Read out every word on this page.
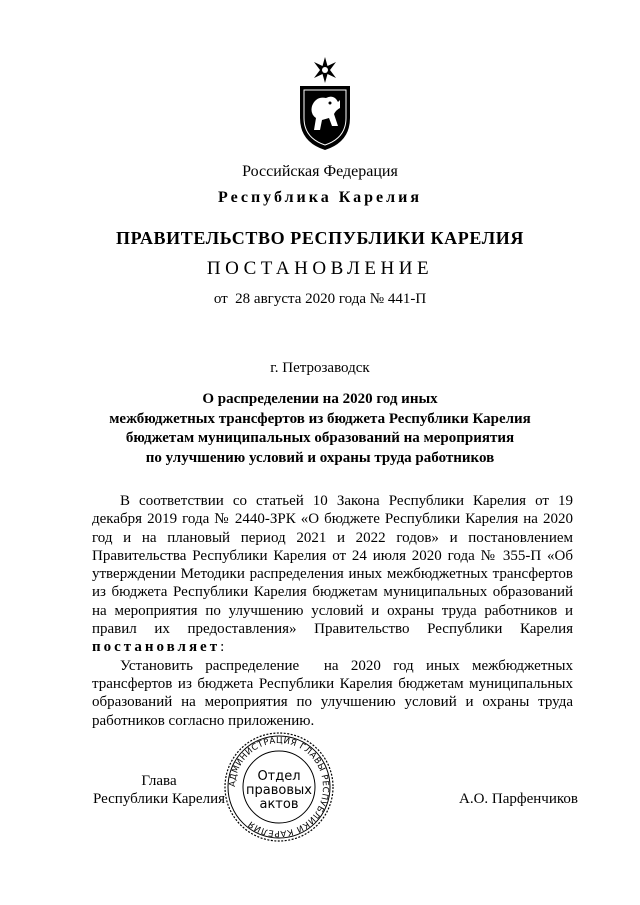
Российская Федерация
Республика Карелия
ПРАВИТЕЛЬСТВО РЕСПУБЛИКИ КАРЕЛИЯ
ПОСТАНОВЛЕНИЕ
от  28 августа 2020 года № 441-П
г. Петрозаводск
О распределении на 2020 год иных
межбюджетных трансфертов из бюджета Республики Карелия
бюджетам муниципальных образований на мероприятия
по улучшению условий и охраны труда работников

В соответствии со статьей 10 Закона Республики Карелия от 19 декабря 2019 года № 2440-ЗРК «О бюджете Республики Карелия на 2020 год и на плановый период 2021 и 2022 годов» и постановлением Правительства Республики Карелия от 24 июля 2020 года № 355-П «Об утверждении Методики распределения иных межбюджетных трансфертов из бюджета Республики Карелия бюджетам муниципальных образований на мероприятия по улучшению условий и охраны труда работников и правил их предоставления» Правительство Республики Карелия постановляет:

Установить распределение  на 2020 год иных межбюджетных трансфертов из бюджета Республики Карелия бюджетам муниципальных образований на мероприятия по улучшению условий и охраны труда работников согласно приложению.

Глава
Республики Карелия	А.О. Парфенчиков
АДМИНИСТРАЦИЯ ГЛАВЫ РЕСПУБЛИКИ КАРЕЛИЯ
Отдел
правовых
актов
